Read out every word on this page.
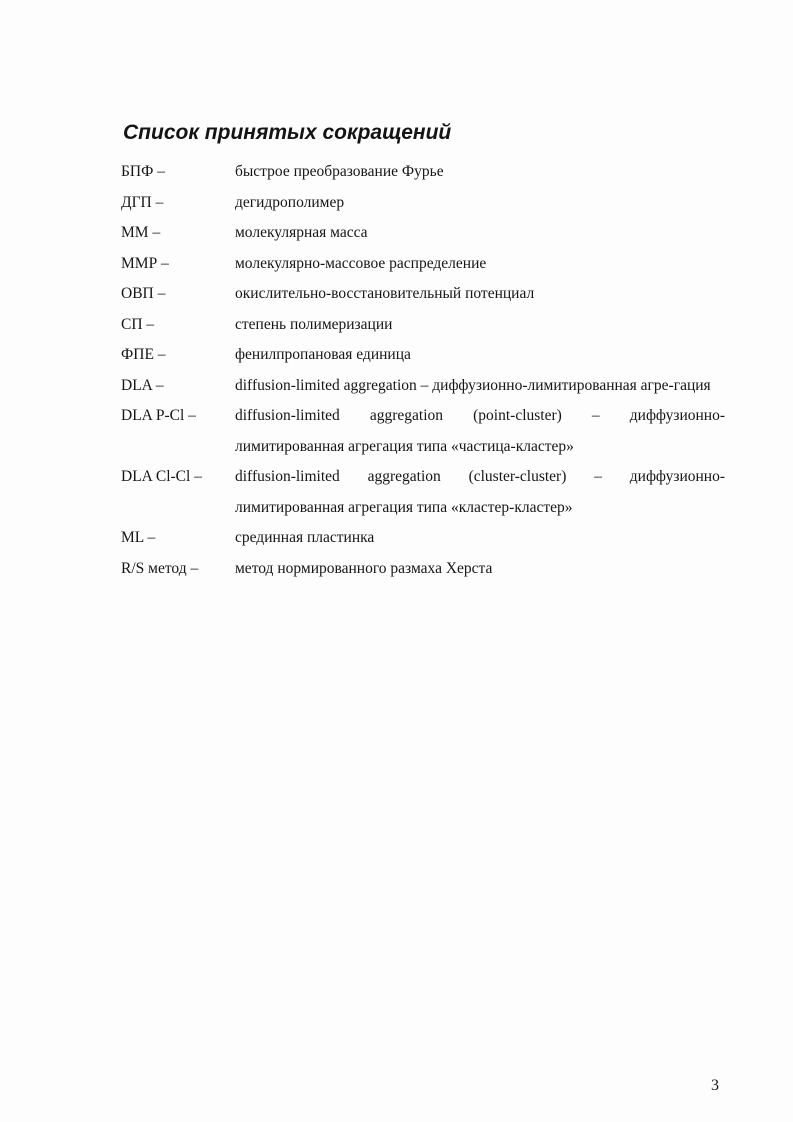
Список принятых сокращений
БПФ –	быстрое преобразование Фурье
ДГП –	дегидрополимер
ММ –	молекулярная масса
ММР –	молекулярно-массовое распределение
ОВП –	окислительно-восстановительный потенциал
СП –	степень полимеризации
ФПЕ –	фенилпропановая единица
DLA –	diffusion-limited aggregation – диффузионно-лимитированная агре-гация
DLA P-Cl –	diffusion-limited aggregation (point-cluster) – диффузионно-лимитированная агрегация типа «частица-кластер»
DLA Cl-Cl –	diffusion-limited aggregation (cluster-cluster) – диффузионно-лимитированная агрегация типа «кластер-кластер»
ML –	срединная пластинка
R/S метод –	метод нормированного размаха Херста
3
